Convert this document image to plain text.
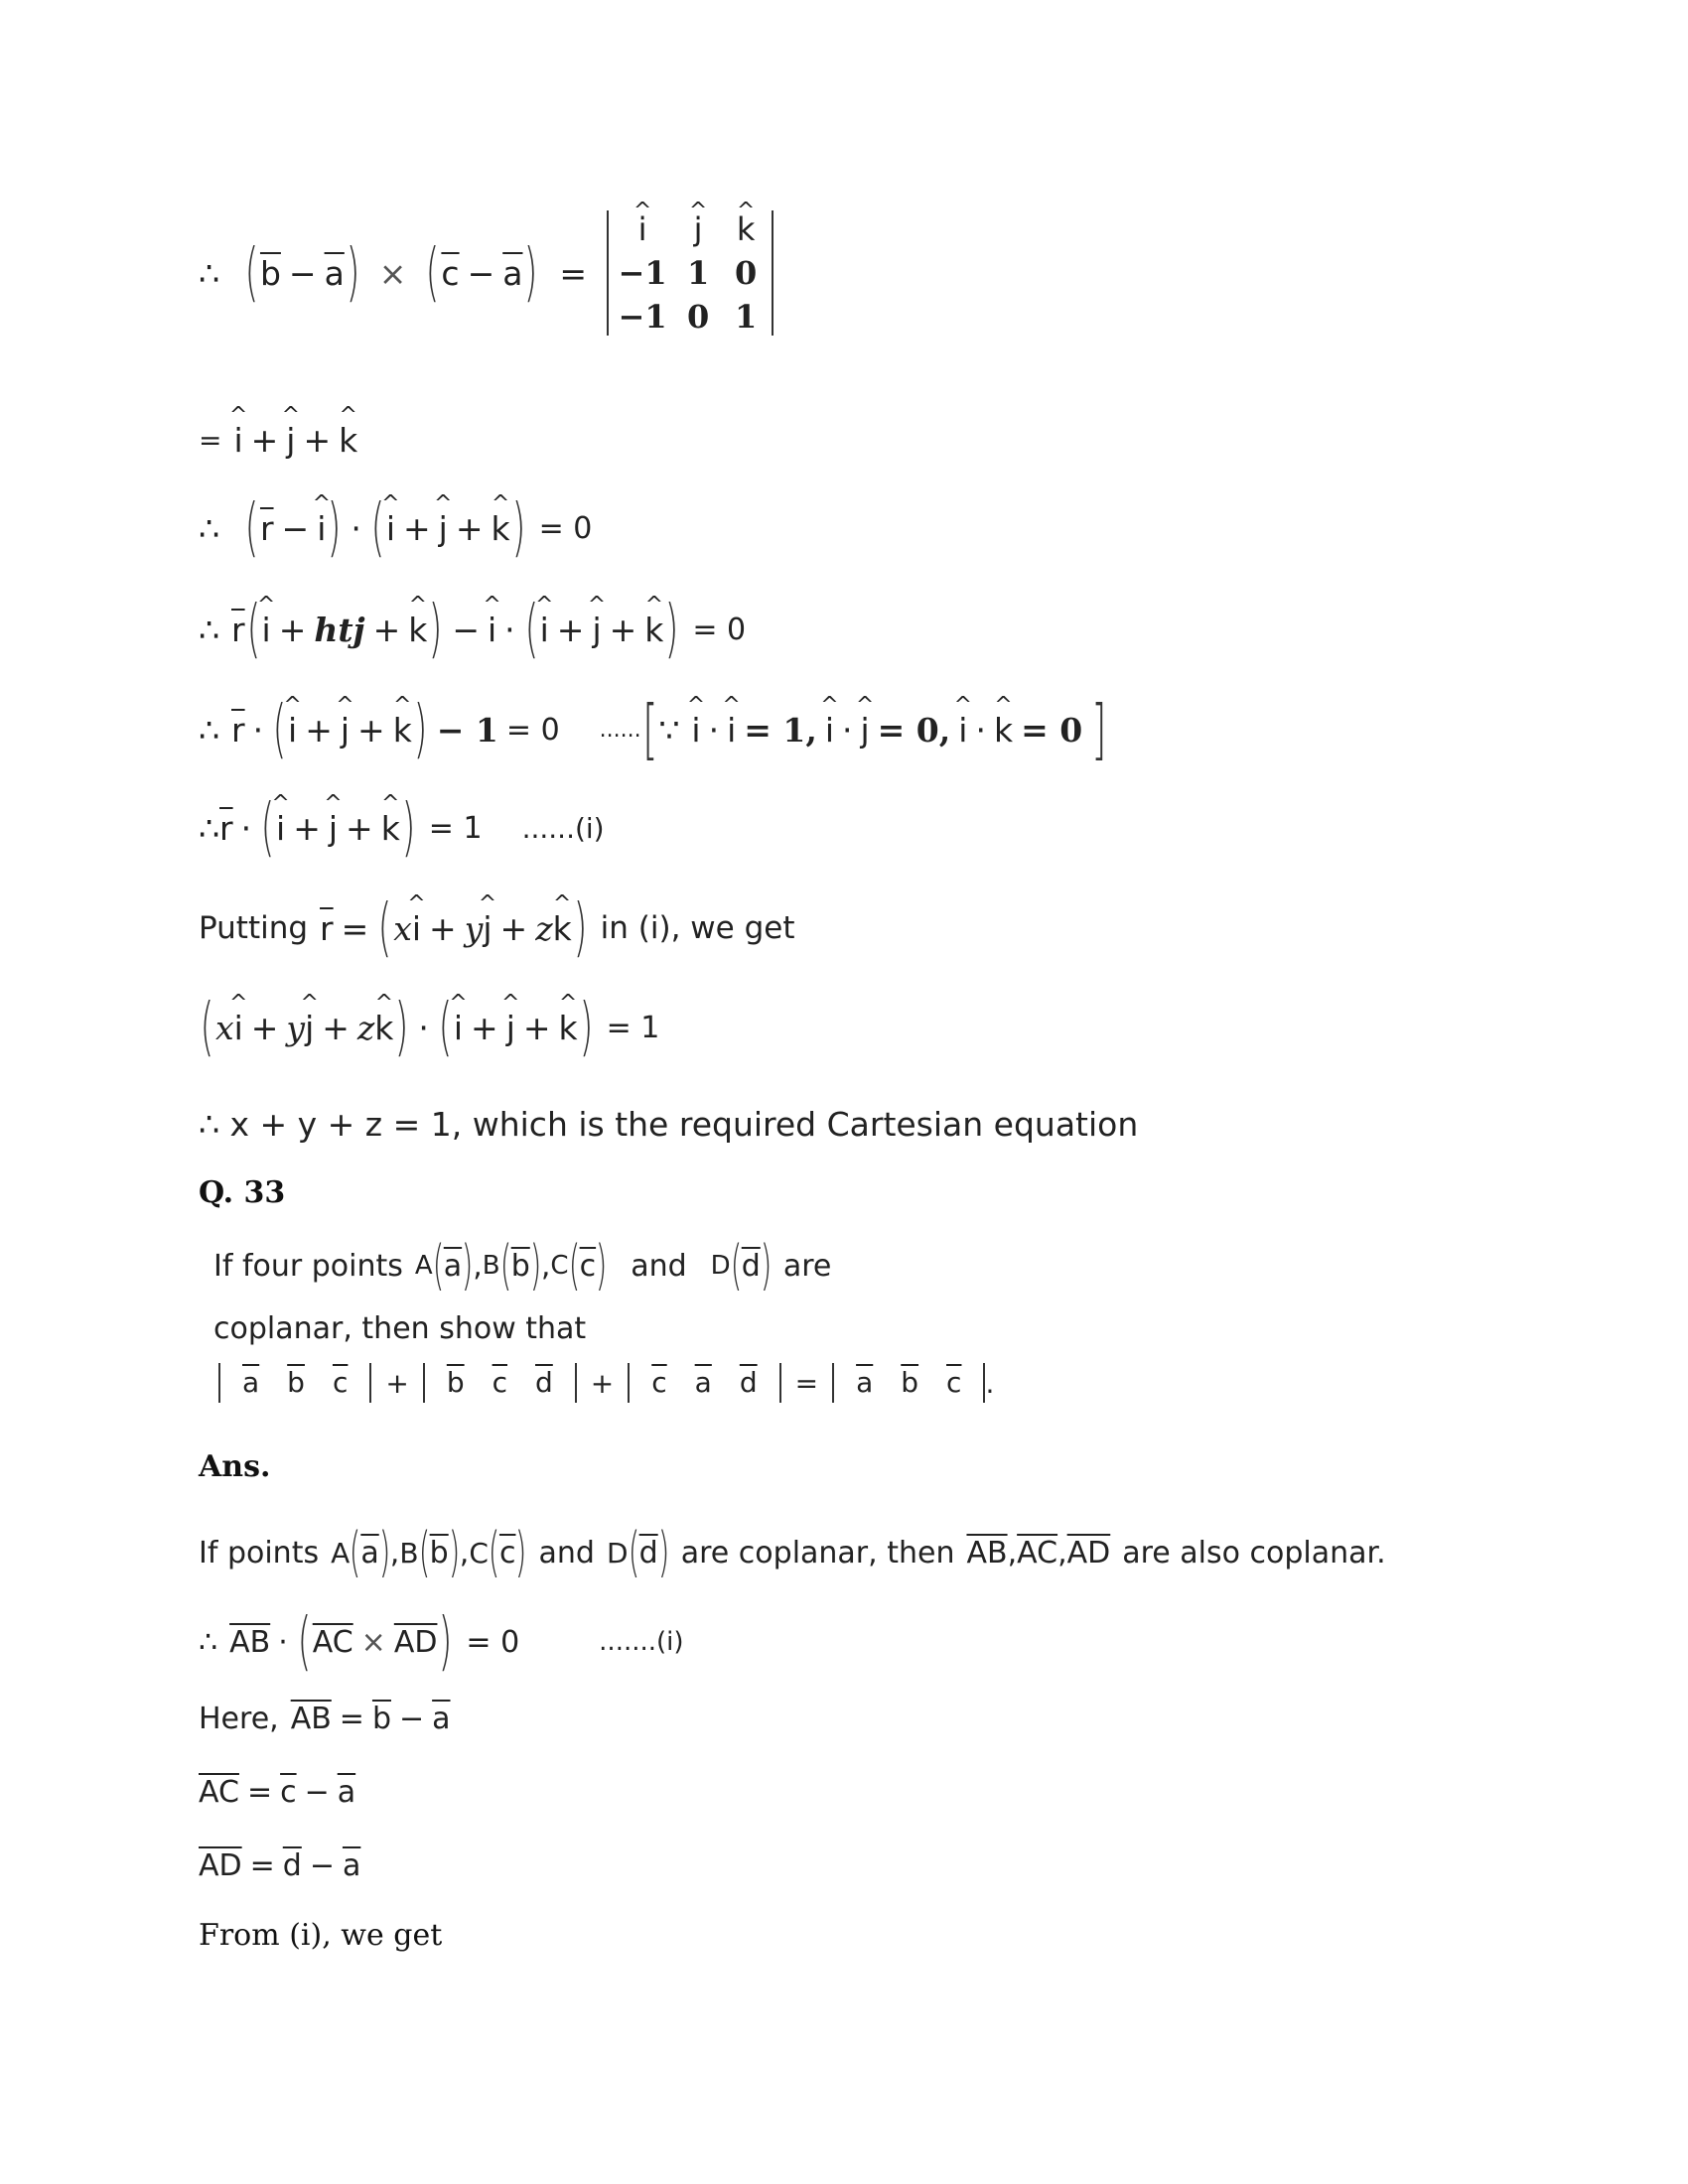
∴ ( $\overline{b} - \overline{a}$ ) × ( $\overline{c} - \overline{a}$ ) =
^ i	^ j	^ k
−1 1 0
−1 0 1
= ^ i + ^ j + ^ k
∴ ( $\overline{r}$ − ^ i ) · ( ^ i + ^ j + ^ k ) = 0
∴ $\overline{r}$ ( ^ i + htj + ^ k ) − ^ i · ( ^ i + ^ j + ^ k ) = 0
∴ $\overline{r}$ · ( ^ i + ^ j + ^ k ) − 1 = 0 ...... [ ∵ ^ i · ^ i = 1, ^ i · ^ j = 0, ^ i · ^ k = 0 ]
∴ $\overline{r}$ · ( ^ i + ^ j + ^ k ) = 1 ......(i)
Putting $\overline{r}$ = ( x ^ i + y ^ j + z ^ k ) in (i), we get
( x ^ i + y ^ j + z ^ k ) · ( ^ i + ^ j + ^ k ) = 1
∴ x + y + z = 1, which is the required Cartesian equation
Q. 33
If four points A ( $\overline{a}$ ) , B ( $\overline{b}$ ) , C ( $\overline{c}$ ) and D ( $\overline{d}$ ) are
coplanar, then show that
$\overline{a}$ $\overline{b}$ $\overline{c}$	+	$\overline{b}$ $\overline{c}$ $\overline{d}$	+	$\overline{c}$ $\overline{a}$ $\overline{d}$	=	$\overline{a}$ $\overline{b}$ $\overline{c}$ .
Ans.
If points A ( $\overline{a}$ ) , B ( $\overline{b}$ ) , C ( $\overline{c}$ ) and D ( $\overline{d}$ ) are coplanar, then $\overline{AB}$ , $\overline{AC}$ , $\overline{AD}$ are also coplanar.
∴ $\overline{AB}$ · ( $\overline{AC} \times \overline{AD}$ ) = 0	.......(i)
Here, $\overline{AB} = \overline{b} - \overline{a}$
$\overline{AC} = \overline{c} - \overline{a}$
$\overline{AD} = \overline{d} - \overline{a}$
From (i), we get
